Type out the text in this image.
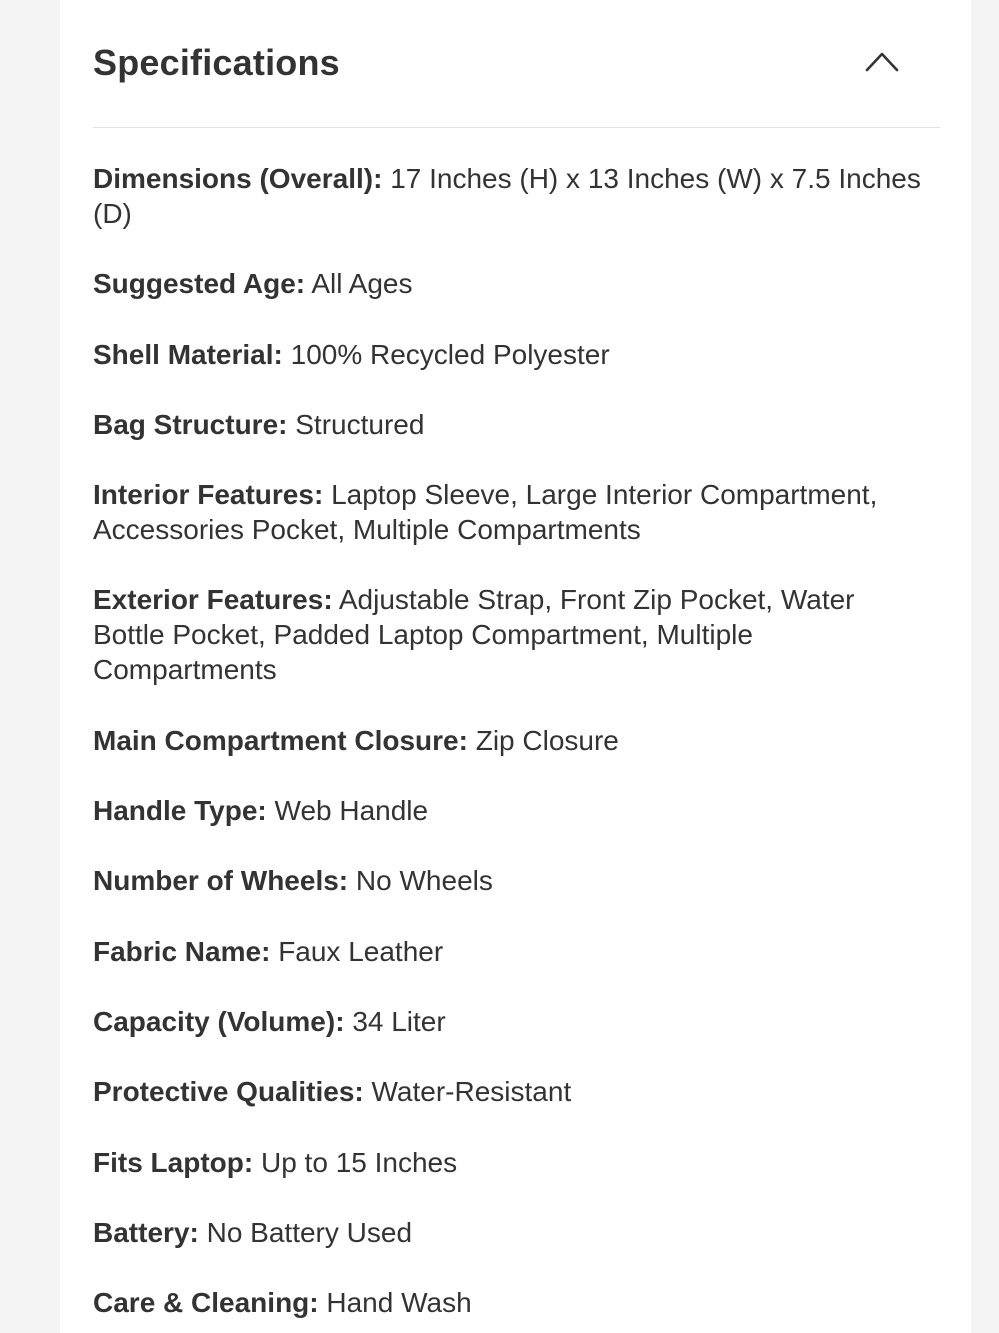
Specifications
Dimensions (Overall): 17 Inches (H) x 13 Inches (W) x 7.5 Inches (D)
Suggested Age: All Ages
Shell Material: 100% Recycled Polyester
Bag Structure: Structured
Interior Features: Laptop Sleeve, Large Interior Compartment, Accessories Pocket, Multiple Compartments
Exterior Features: Adjustable Strap, Front Zip Pocket, Water Bottle Pocket, Padded Laptop Compartment, Multiple Compartments
Main Compartment Closure: Zip Closure
Handle Type: Web Handle
Number of Wheels: No Wheels
Fabric Name: Faux Leather
Capacity (Volume): 34 Liter
Protective Qualities: Water-Resistant
Fits Laptop: Up to 15 Inches
Battery: No Battery Used
Care & Cleaning: Hand Wash
